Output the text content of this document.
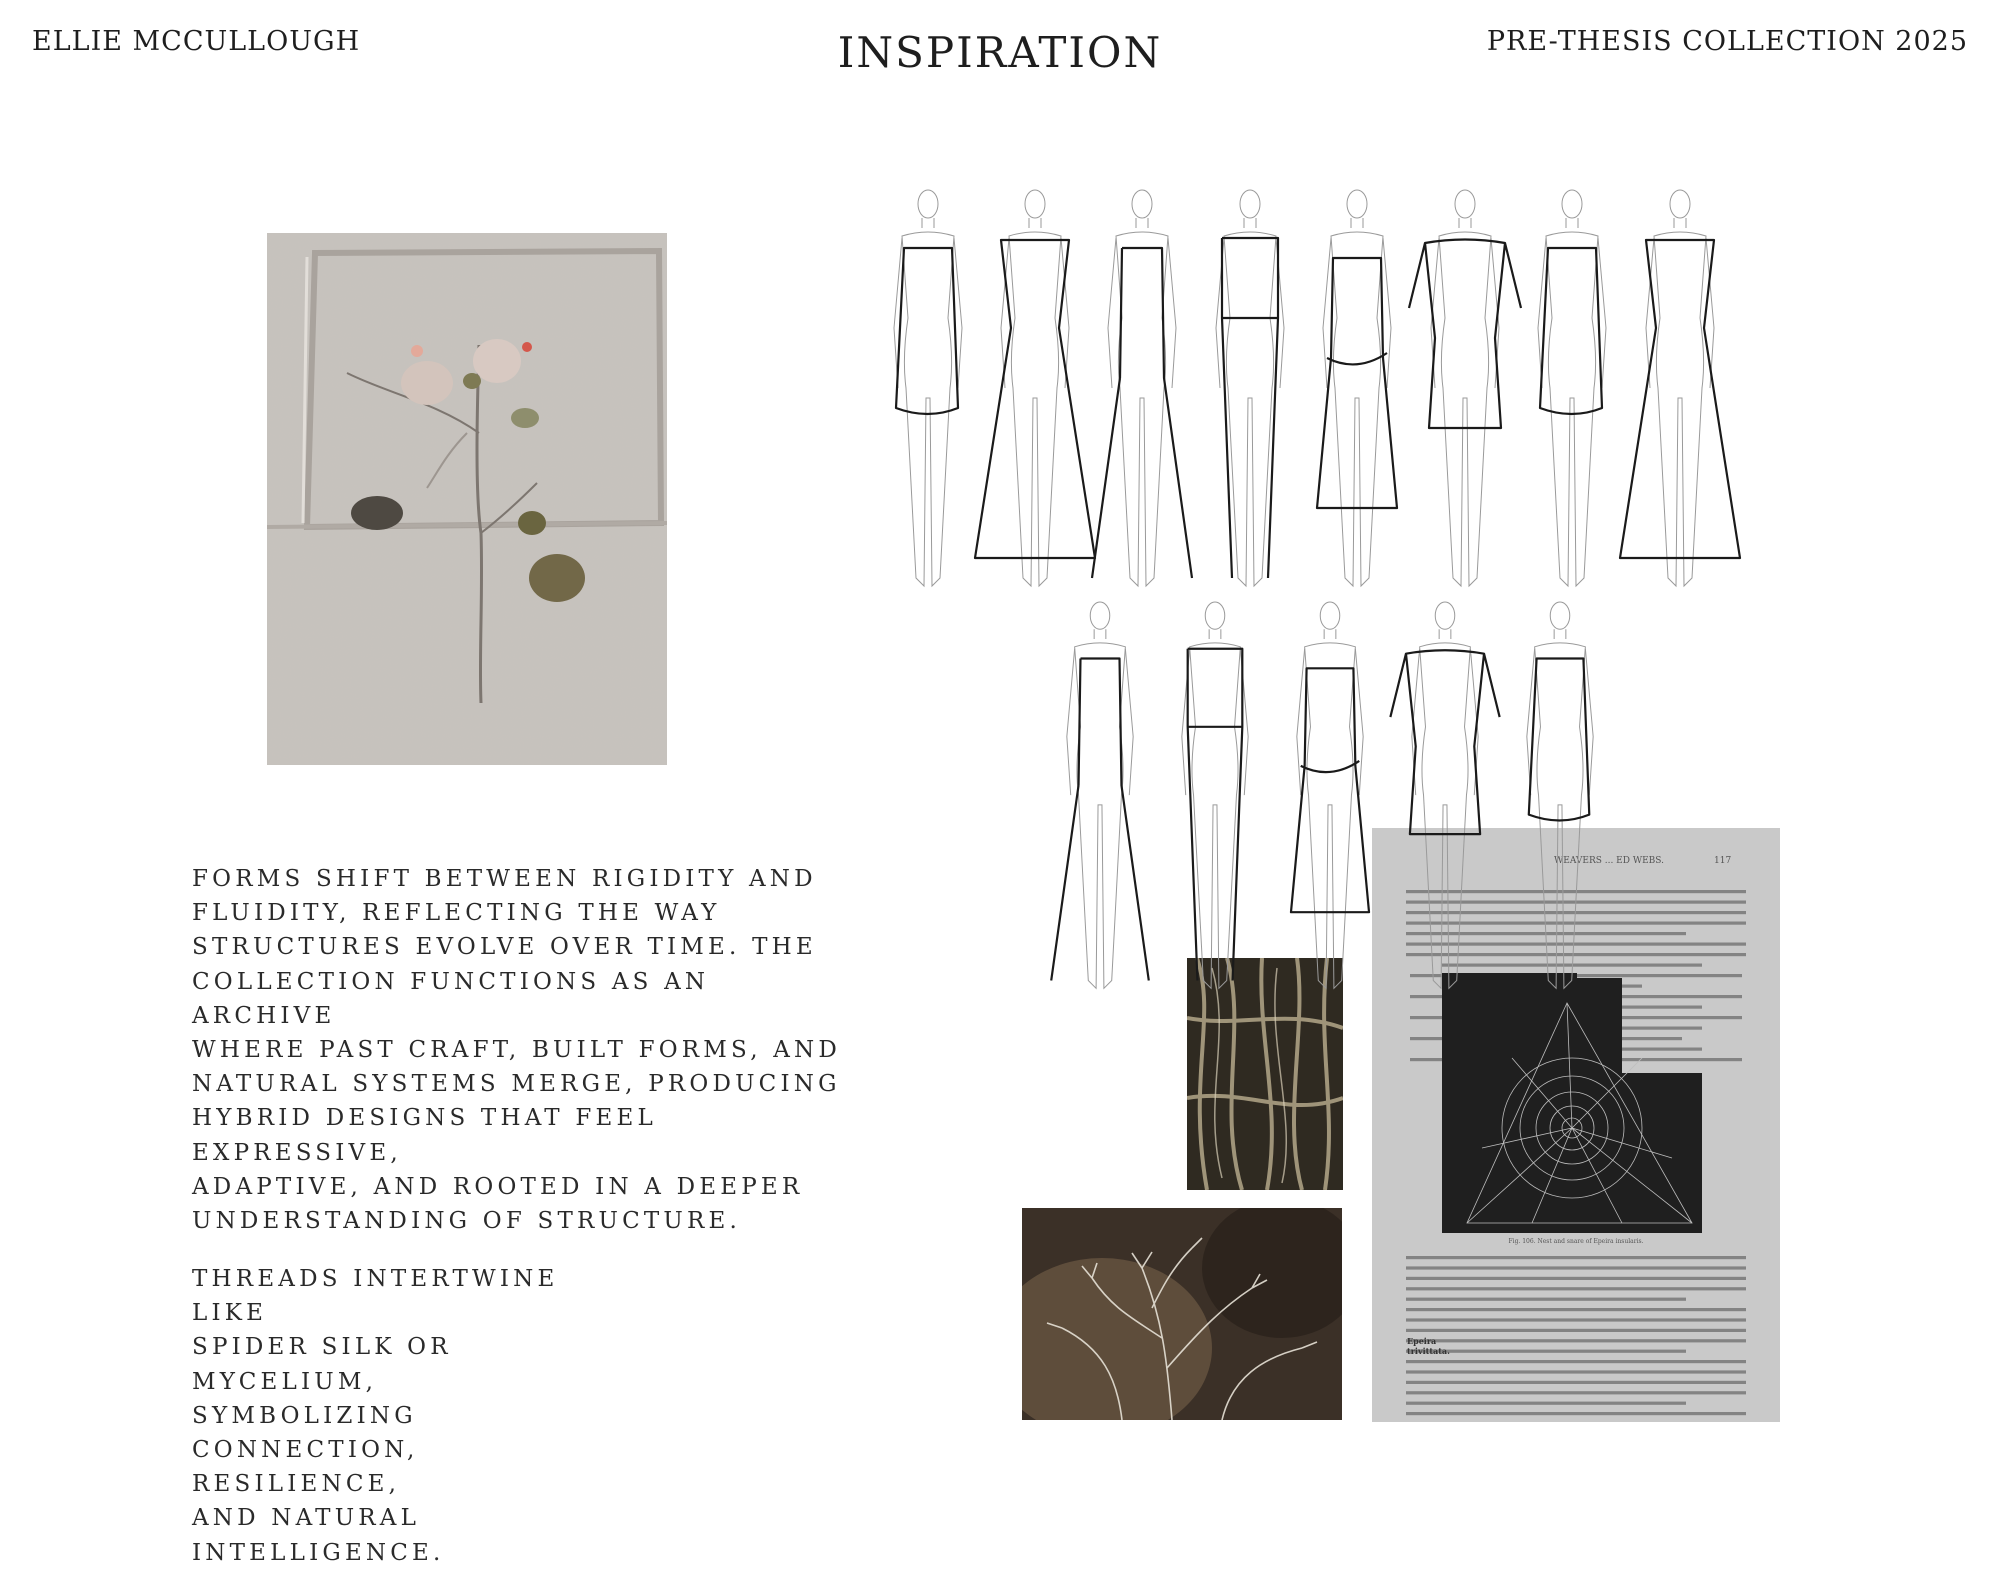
ELLIE MCCULLOUGH	INSPIRATION	PRE-THESIS COLLECTION 2025
FORMS SHIFT BETWEEN RIGIDITY AND
FLUIDITY, REFLECTING THE WAY
STRUCTURES EVOLVE OVER TIME. THE
COLLECTION FUNCTIONS AS AN ARCHIVE
WHERE PAST CRAFT, BUILT FORMS, AND
NATURAL SYSTEMS MERGE, PRODUCING
HYBRID DESIGNS THAT FEEL EXPRESSIVE,
ADAPTIVE, AND ROOTED IN A DEEPER
UNDERSTANDING OF STRUCTURE.
THREADS INTERTWINE LIKE
SPIDER SILK OR MYCELIUM,
SYMBOLIZING
CONNECTION, RESILIENCE,
AND NATURAL
INTELLIGENCE.
WEAVERS ... ED WEBS.	117
Fig. 106. Nest and snare of Epeira insularis.
Epeira
trivittata.
